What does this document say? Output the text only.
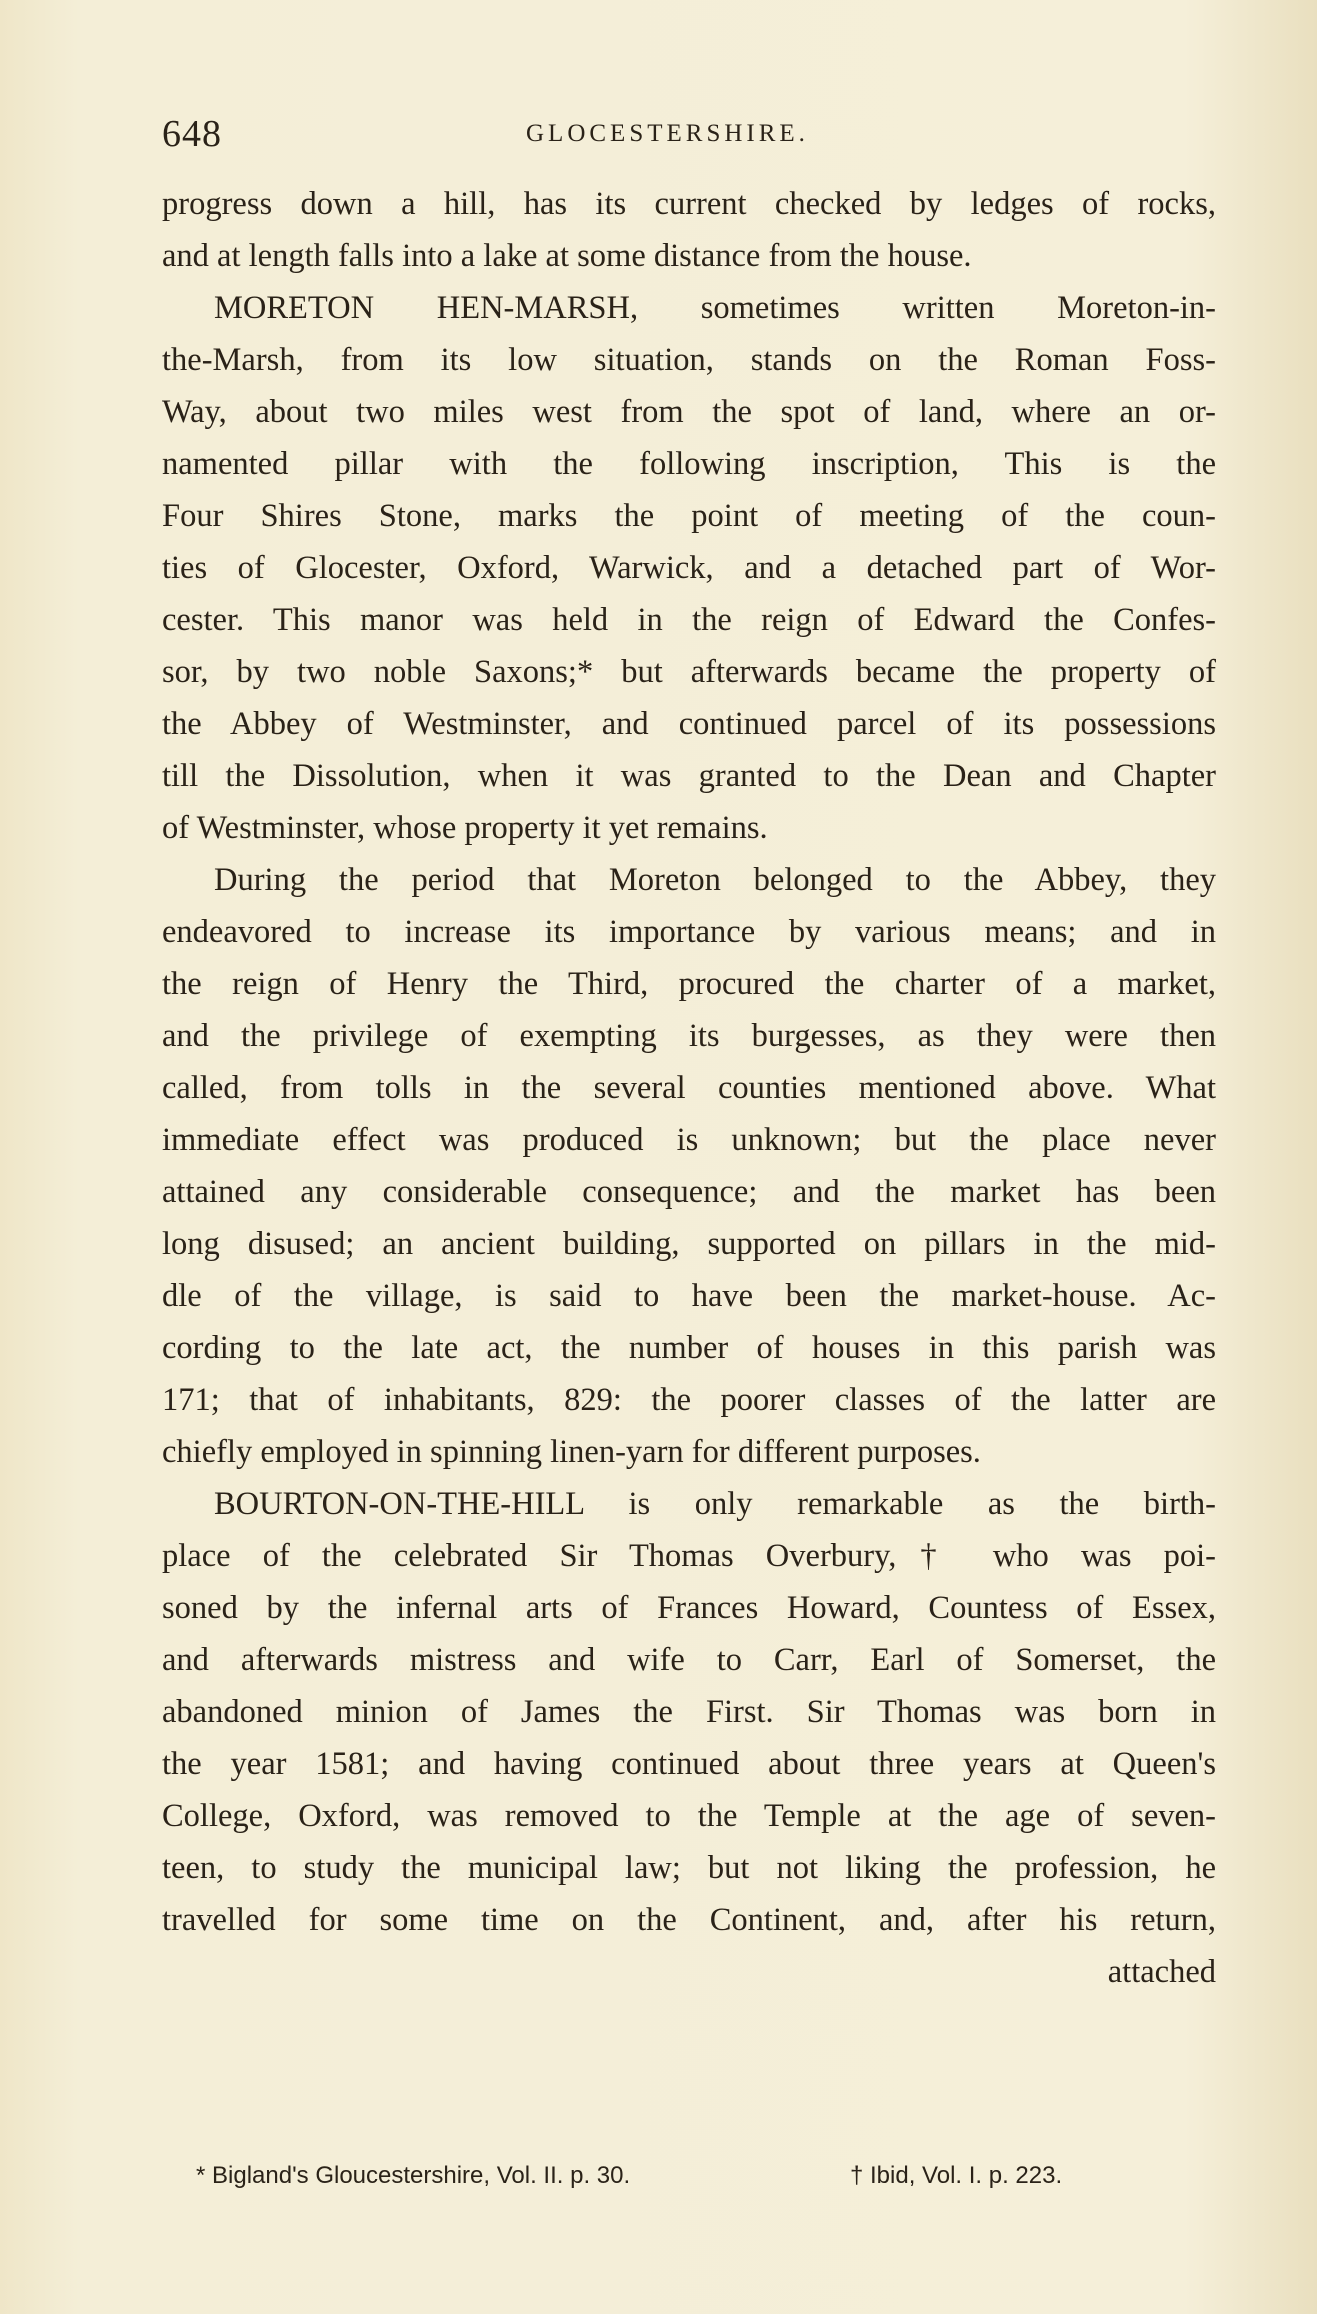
648	GLOCESTERSHIRE.
progress down a hill, has its current checked by ledges of rocks,
and at length falls into a lake at some distance from the house.
MORETON HEN-MARSH, sometimes written Moreton-in-
the-Marsh, from its low situation, stands on the Roman Foss-
Way, about two miles west from the spot of land, where an or-
namented pillar with the following inscription, This is the
Four Shires Stone, marks the point of meeting of the coun-
ties of Glocester, Oxford, Warwick, and a detached part of Wor-
cester. This manor was held in the reign of Edward the Confes-
sor, by two noble Saxons;* but afterwards became the property of
the Abbey of Westminster, and continued parcel of its possessions
till the Dissolution, when it was granted to the Dean and Chapter
of Westminster, whose property it yet remains.
During the period that Moreton belonged to the Abbey, they
endeavored to increase its importance by various means; and in
the reign of Henry the Third, procured the charter of a market,
and the privilege of exempting its burgesses, as they were then
called, from tolls in the several counties mentioned above. What
immediate effect was produced is unknown; but the place never
attained any considerable consequence; and the market has been
long disused; an ancient building, supported on pillars in the mid-
dle of the village, is said to have been the market-house. Ac-
cording to the late act, the number of houses in this parish was
171; that of inhabitants, 829: the poorer classes of the latter are
chiefly employed in spinning linen-yarn for different purposes.
BOURTON-ON-THE-HILL is only remarkable as the birth-
place of the celebrated Sir Thomas Overbury,† who was poi-
soned by the infernal arts of Frances Howard, Countess of Essex,
and afterwards mistress and wife to Carr, Earl of Somerset, the
abandoned minion of James the First. Sir Thomas was born in
the year 1581; and having continued about three years at Queen's
College, Oxford, was removed to the Temple at the age of seven-
teen, to study the municipal law; but not liking the profession, he
travelled for some time on the Continent, and, after his return,
attached
* Bigland's Gloucestershire, Vol. II. p. 30.	† Ibid, Vol. I. p. 223.
